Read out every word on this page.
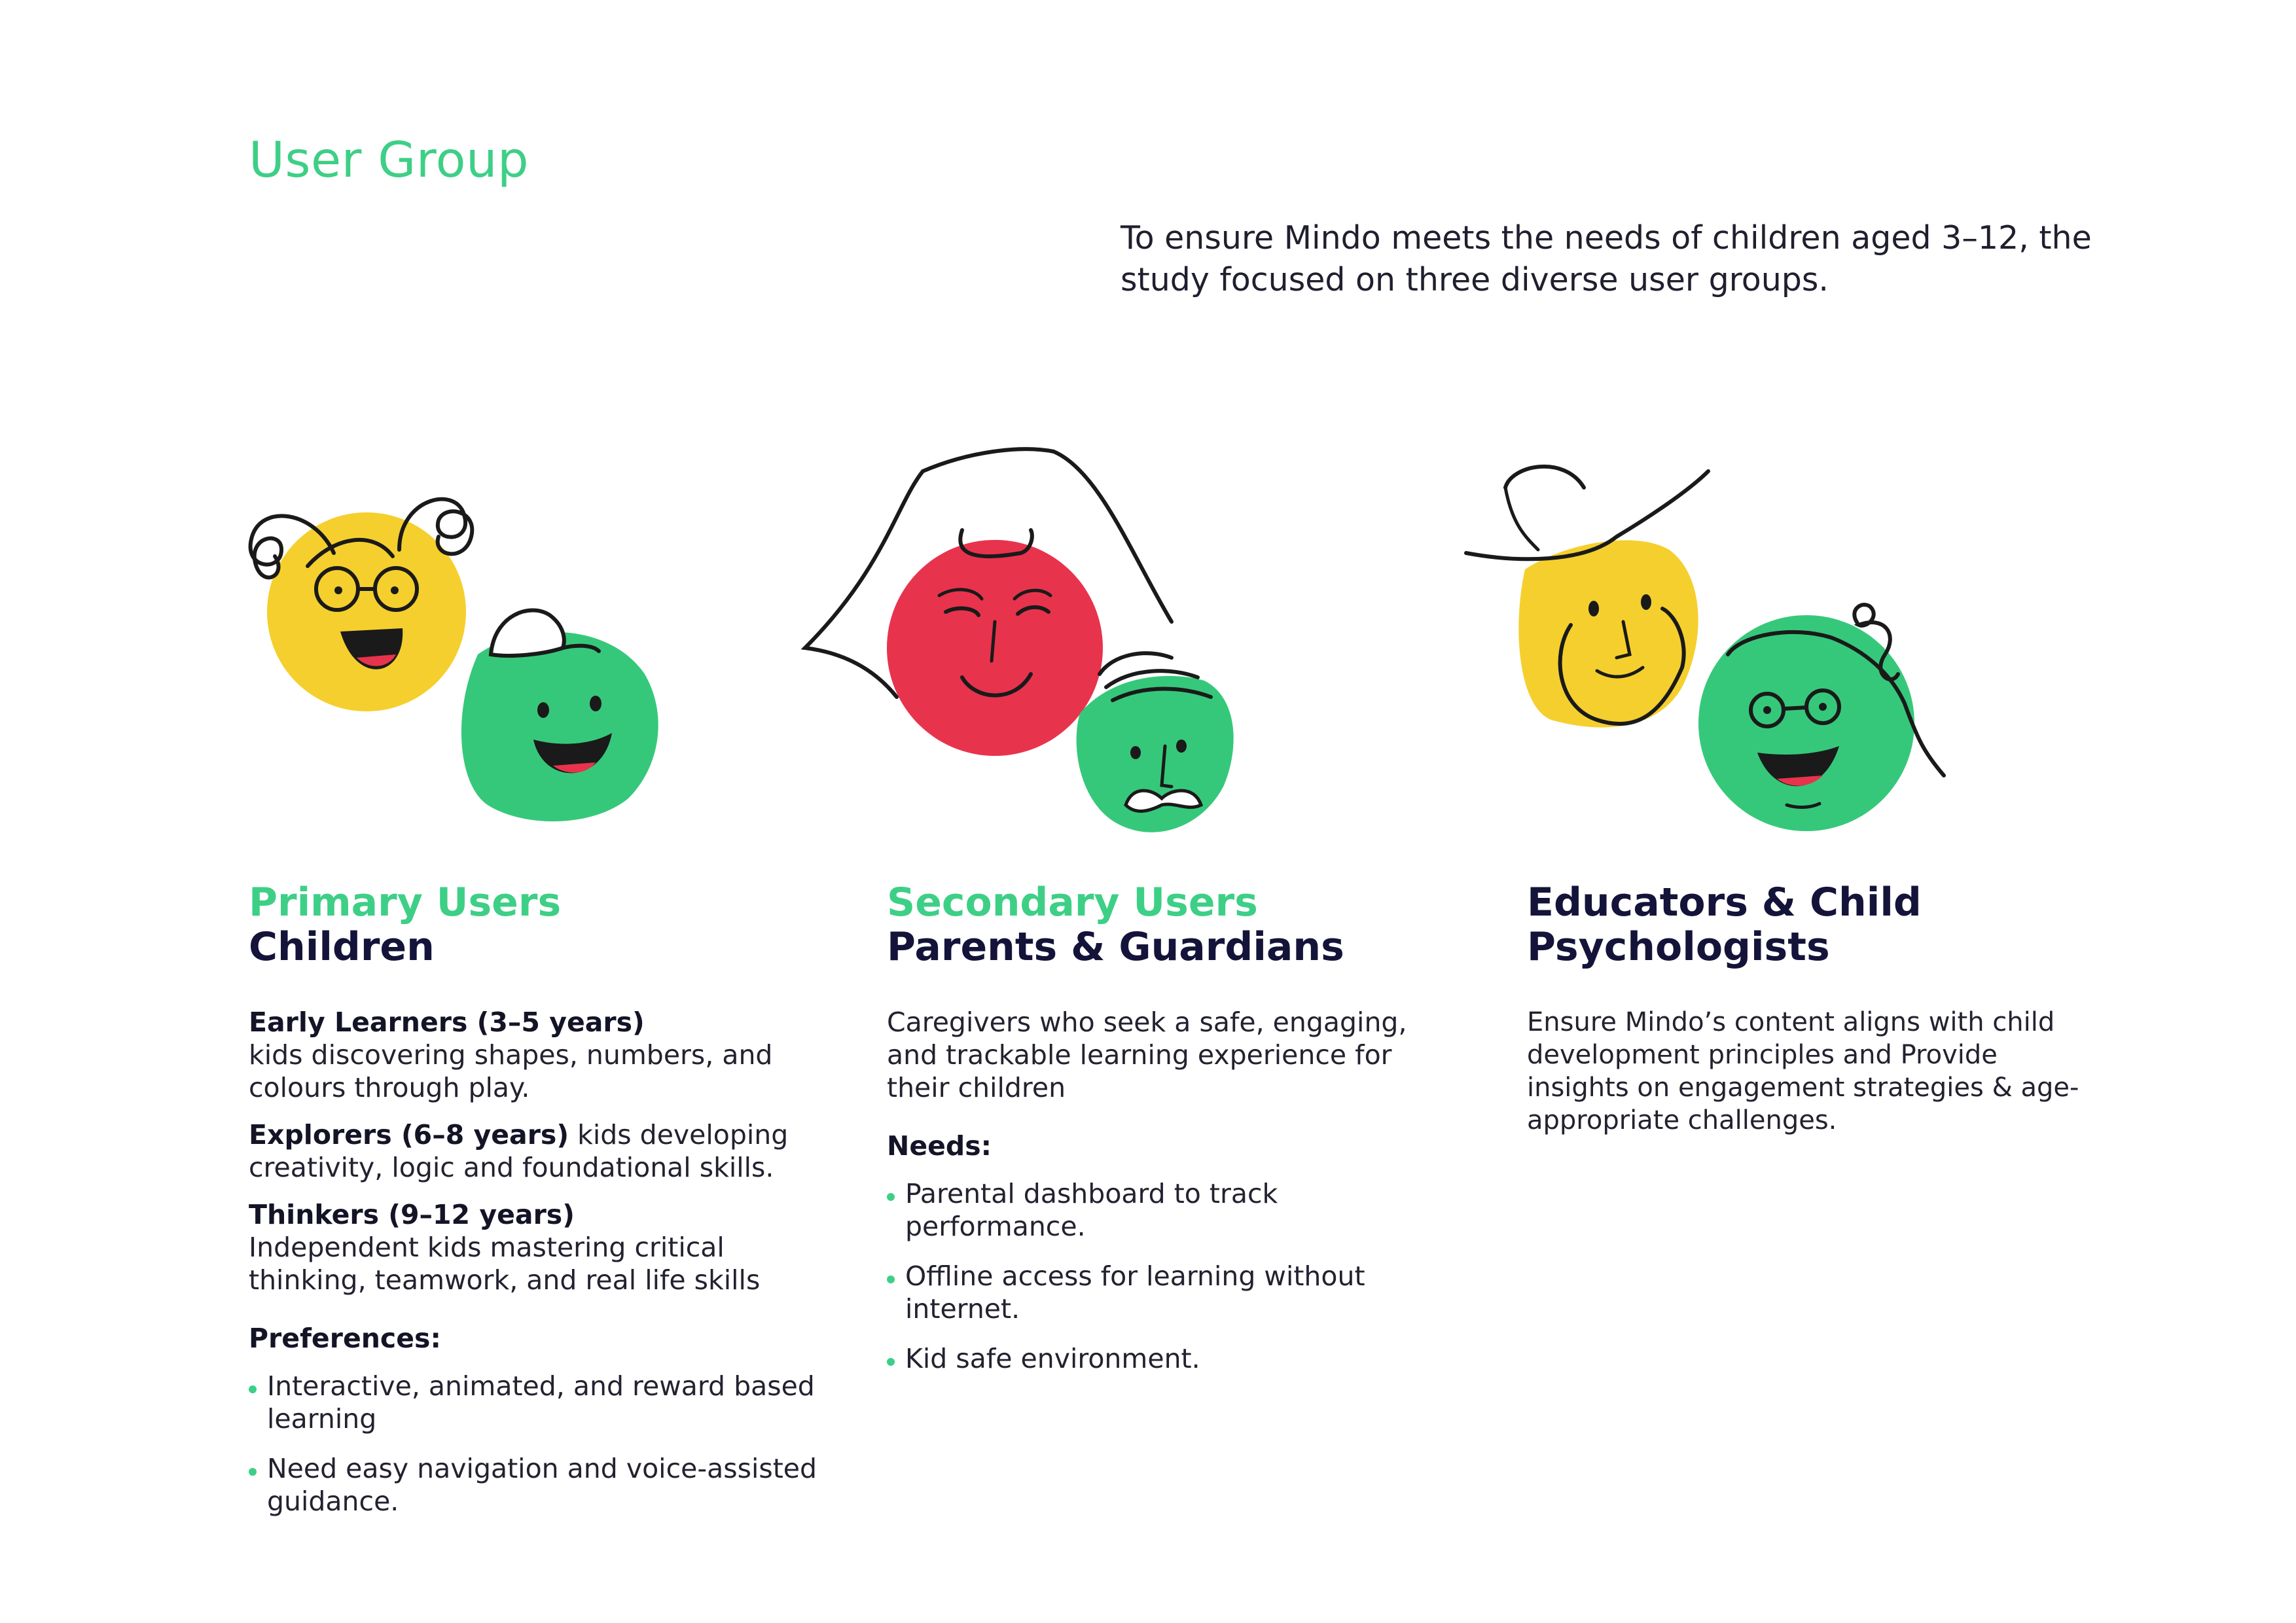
User Group

To ensure Mindo meets the needs of children aged 3–12, the study focused on three diverse user groups.

Primary Users
Children

Early Learners (3–5 years)
kids discovering shapes, numbers, and colours through play.

Explorers (6–8 years) kids developing creativity, logic and foundational skills.

Thinkers (9–12 years)
Independent kids mastering critical thinking, teamwork, and real life skills

Preferences:
Interactive, animated, and reward based learning
Need easy navigation and voice-assisted guidance.
Secondary Users
Parents & Guardians

Caregivers who seek a safe, engaging, and trackable learning experience for their children

Needs:
Parental dashboard to track performance.
Offline access for learning without internet.
Kid safe environment.
Educators & Child Psychologists

Ensure Mindo’s content aligns with child development principles and Provide insights on engagement strategies & age-appropriate challenges.
